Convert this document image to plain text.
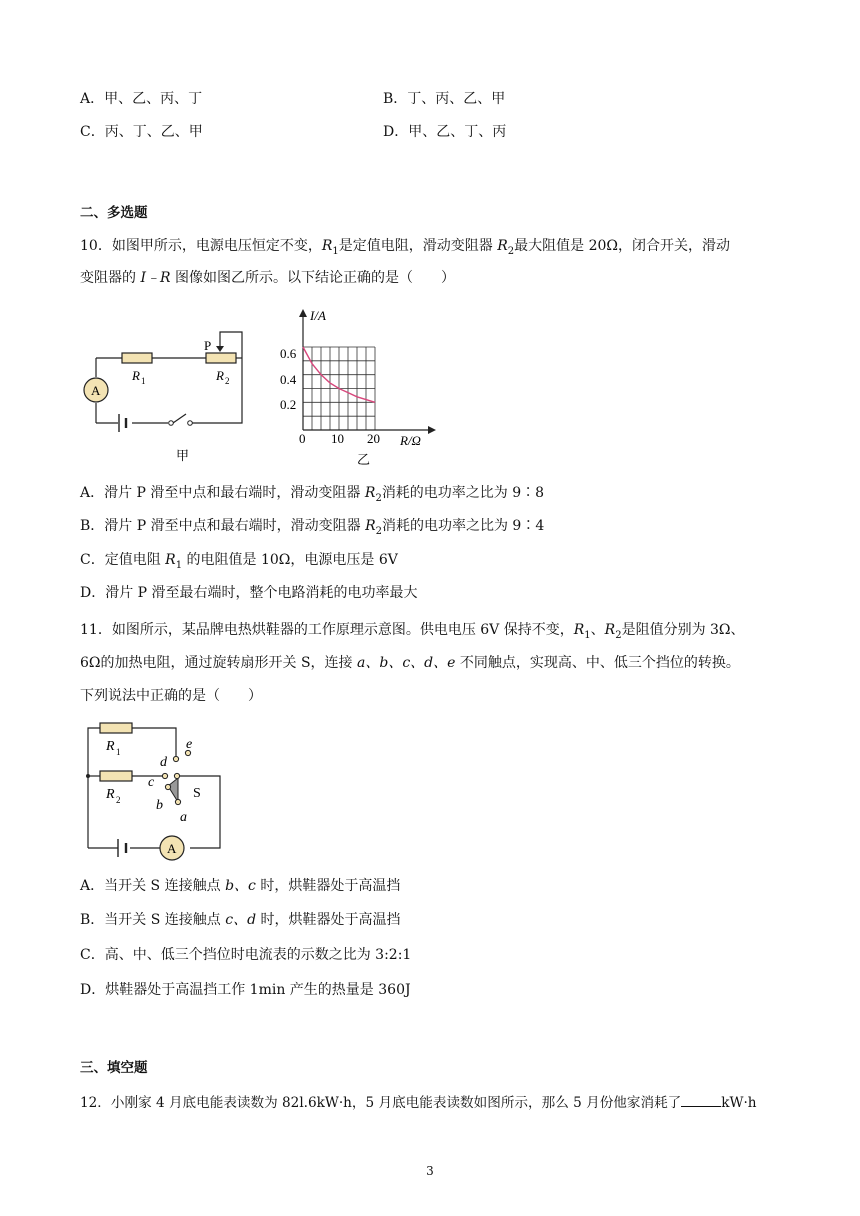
A．甲、乙、丙、丁	B．丁、丙、乙、甲
C．丙、丁、乙、甲	D．甲、乙、丁、丙
二、多选题
10．如图甲所示，电源电压恒定不变，$R_1$是定值电阻，滑动变阻器 $R_2$最大阻值是 20Ω，闭合开关，滑动
变阻器的 I﹣R 图像如图乙所示。以下结论正确的是（　　）
P
R 1	R 2
A
甲
I/A
R/Ω
0.6
0.4
0.2
0 10 20
乙
A．滑片 P 滑至中点和最右端时，滑动变阻器 $R_2$消耗的电功率之比为 9∶8
B．滑片 P 滑至中点和最右端时，滑动变阻器 $R_2$消耗的电功率之比为 9∶4
C．定值电阻 $R_1$ 的电阻值是 10Ω，电源电压是 6V
D．滑片 P 滑至最右端时，整个电路消耗的电功率最大
11．如图所示，某品牌电热烘鞋器的工作原理示意图。供电电压 6V 保持不变，$R_1$、$R_2$是阻值分别为 3Ω、
6Ω的加热电阻，通过旋转扇形开关 S，连接 a、b、c、d、e 不同触点，实现高、中、低三个挡位的转换。
下列说法中正确的是（　　）
R 1
R 2
d
e
c
b
a
S
A
A．当开关 S 连接触点 b、c 时，烘鞋器处于高温挡
B．当开关 S 连接触点 c、d 时，烘鞋器处于高温挡
C．高、中、低三个挡位时电流表的示数之比为 3:2:1
D．烘鞋器处于高温挡工作 1min 产生的热量是 360J
三、填空题
12．小刚家 4 月底电能表读数为 82l.6kW·h，5 月底电能表读数如图所示，那么 5 月份他家消耗了	kW·h
3
